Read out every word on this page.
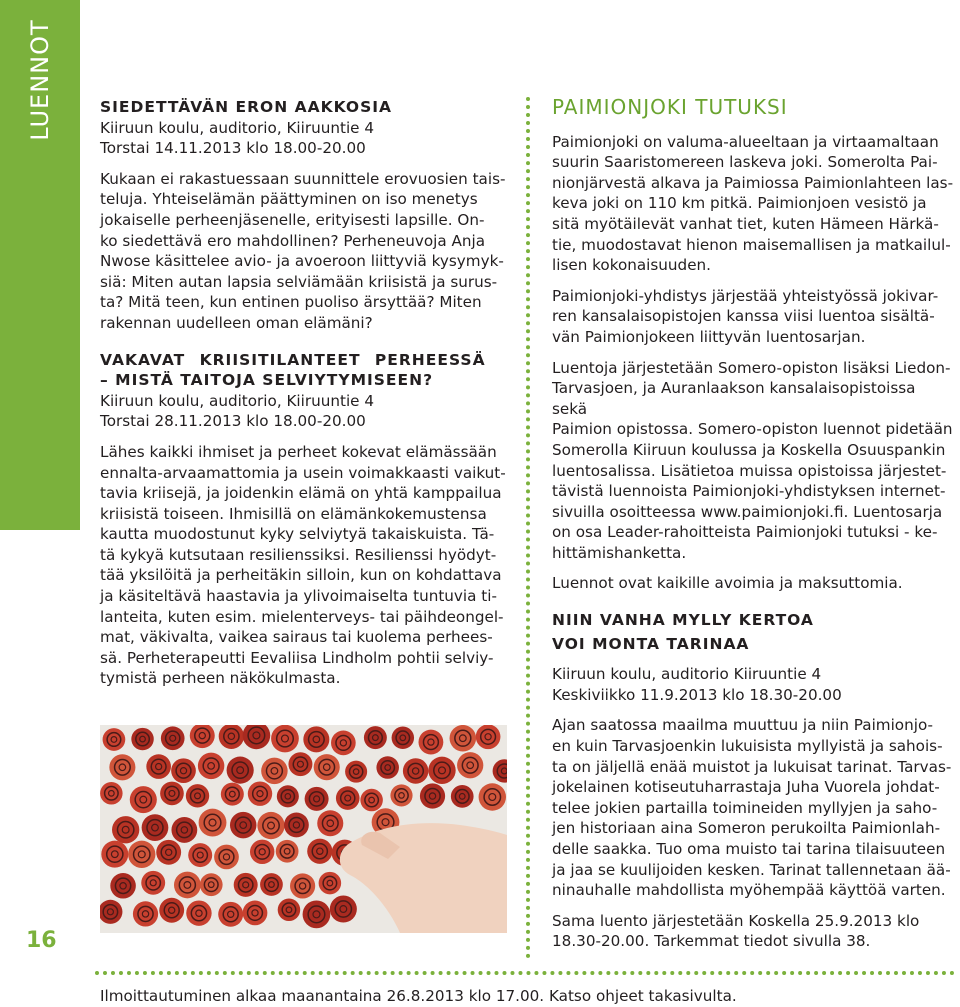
LUENNOT
16

SIEDETTÄVÄN ERON AAKKOSIA

Kiiruun koulu, auditorio, Kiiruuntie 4

Torstai 14.11.2013 klo 18.00-20.00

Kukaan ei rakastuessaan suunnittele erovuosien tais-

teluja. Yhteiselämän päättyminen on iso menetys

jokaiselle perheenjäsenelle, erityisesti lapsille. On-

ko siedettävä ero mahdollinen? Perheneuvoja Anja

Nwose käsittelee avio- ja avoeroon liittyviä kysymyk-

siä: Miten autan lapsia selviämään kriisistä ja surus-

ta? Mitä teen, kun entinen puoliso ärsyttää? Miten

rakennan uudelleen oman elämäni?

VAKAVAT KRIISITILANTEET PERHEESSÄ

– MISTÄ TAITOJA SELVIYTYMISEEN?

Kiiruun koulu, auditorio, Kiiruuntie 4

Torstai 28.11.2013 klo 18.00-20.00

Lähes kaikki ihmiset ja perheet kokevat elämässään

ennalta-arvaamattomia ja usein voimakkaasti vaikut-

tavia kriisejä, ja joidenkin elämä on yhtä kamppailua

kriisistä toiseen. Ihmisillä on elämänkokemustensa

kautta muodostunut kyky selviytyä takaiskuista. Tä-

tä kykyä kutsutaan resilienssiksi. Resilienssi hyödyt-

tää yksilöitä ja perheitäkin silloin, kun on kohdattava

ja käsiteltävä haastavia ja ylivoimaiselta tuntuvia ti-

lanteita, kuten esim. mielenterveys- tai päihdeongel-

mat, väkivalta, vaikea sairaus tai kuolema perhees-

sä. Perheterapeutti Eevaliisa Lindholm pohtii selviy-

tymistä perheen näkökulmasta.

PAIMIONJOKI TUTUKSI

Paimionjoki on valuma-alueeltaan ja virtaamaltaan

suurin Saaristomereen laskeva joki. Somerolta Pai-

nionjärvestä alkava ja Paimiossa Paimionlahteen las-

keva joki on 110 km pitkä. Paimionjoen vesistö ja

sitä myötäilevät vanhat tiet, kuten Hämeen Härkä-

tie, muodostavat hienon maisemallisen ja matkailul-

lisen kokonaisuuden.

Paimionjoki-yhdistys järjestää yhteistyössä jokivar-

ren kansalaisopistojen kanssa viisi luentoa sisältä-

vän Paimionjokeen liittyvän luentosarjan.

Luentoja järjestetään Somero-opiston lisäksi Liedon-

Tarvasjoen, ja Auranlaakson kansalaisopistoissa sekä

Paimion opistossa. Somero-opiston luennot pidetään

Somerolla Kiiruun koulussa ja Koskella Osuuspankin

luentosalissa. Lisätietoa muissa opistoissa järjestet-

tävistä luennoista Paimionjoki-yhdistyksen internet-

sivuilla osoitteessa www.paimionjoki.fi. Luentosarja

on osa Leader-rahoitteista Paimionjoki tutuksi - ke-

hittämishanketta.

Luennot ovat kaikille avoimia ja maksuttomia.

NIIN VANHA MYLLY KERTOA

VOI MONTA TARINAA

Kiiruun koulu, auditorio Kiiruuntie 4

Keskiviikko 11.9.2013 klo 18.30-20.00

Ajan saatossa maailma muuttuu ja niin Paimionjo-

en kuin Tarvasjoenkin lukuisista myllyistä ja sahois-

ta on jäljellä enää muistot ja lukuisat tarinat. Tarvas-

jokelainen kotiseutuharrastaja Juha Vuorela johdat-

telee jokien partailla toimineiden myllyjen ja saho-

jen historiaan aina Someron perukoilta Paimionlah-

delle saakka. Tuo oma muisto tai tarina tilaisuuteen

ja jaa se kuulijoiden kesken. Tarinat tallennetaan ää-

ninauhalle mahdollista myöhempää käyttöä varten.

Sama luento järjestetään Koskella 25.9.2013 klo

18.30-20.00. Tarkemmat tiedot sivulla 38.

Ilmoittautuminen alkaa maanantaina 26.8.2013 klo 17.00. Katso ohjeet takasivulta.
